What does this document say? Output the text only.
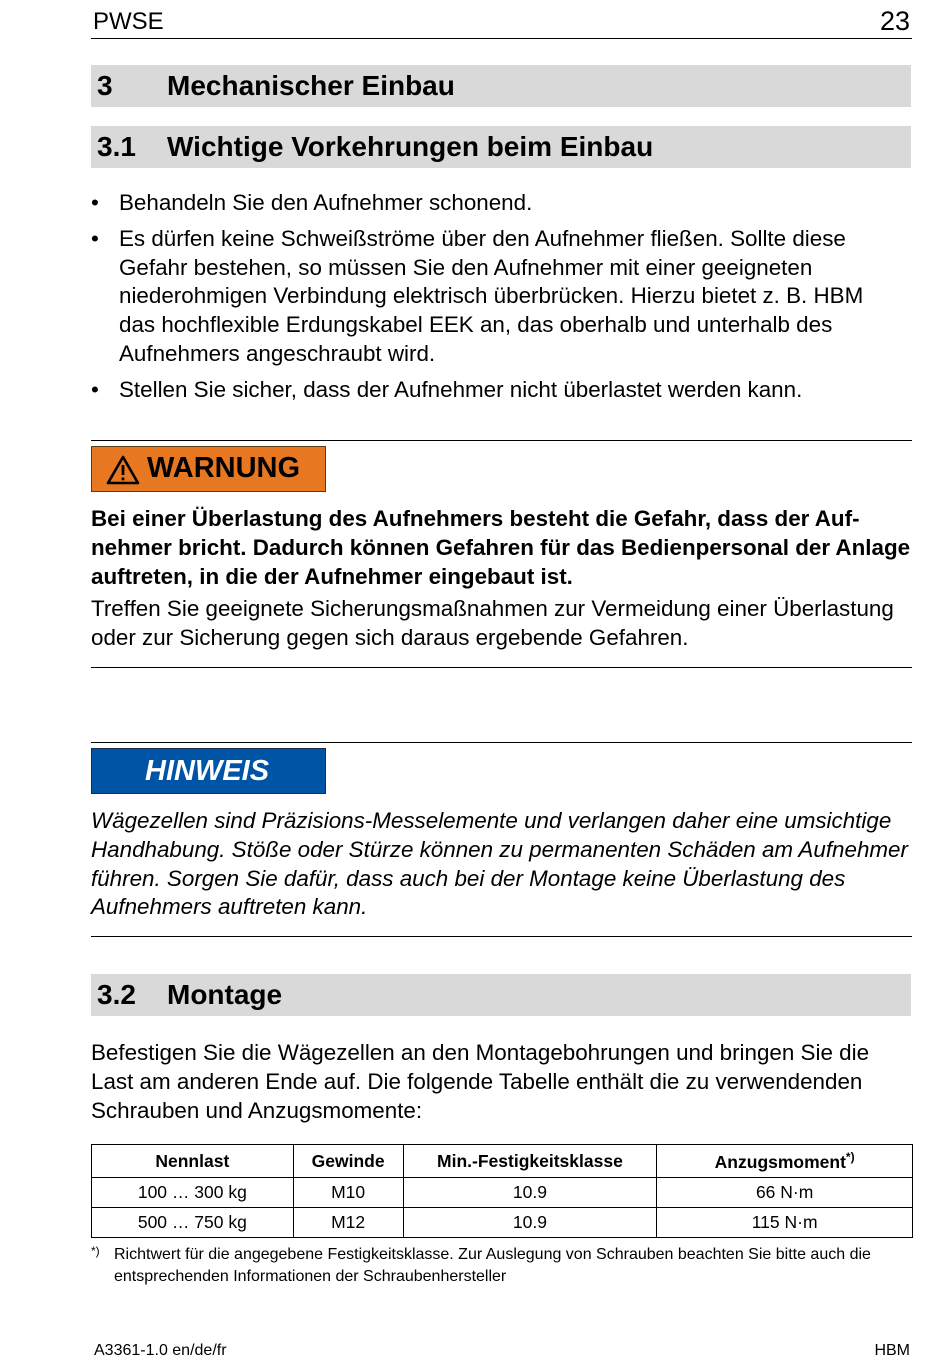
PWSE	23
3 Mechanischer Einbau
3.1 Wichtige Vorkehrungen beim Einbau
• Behandeln Sie den Aufnehmer schonend.
• Es dürfen keine Schweißströme über den Aufnehmer fließen. Sollte diese Gefahr bestehen, so müssen Sie den Aufnehmer mit einer geeigneten niederohmigen Verbindung elektrisch überbrücken. Hierzu bietet z. B. HBM das hochflexible Erdungskabel EEK an, das oberhalb und unterhalb des Aufnehmers angeschraubt wird.
• Stellen Sie sicher, dass der Aufnehmer nicht überlastet werden kann.
WARNUNG
Bei einer Überlastung des Aufnehmers besteht die Gefahr, dass der Aufnehmer bricht. Dadurch können Gefahren für das Bedienpersonal der Anlage auftreten, in die der Aufnehmer eingebaut ist.
Treffen Sie geeignete Sicherungsmaßnahmen zur Vermeidung einer Überlastung oder zur Sicherung gegen sich daraus ergebende Gefahren.
HINWEIS
Wägezellen sind Präzisions-Messelemente und verlangen daher eine umsichtige Handhabung. Stöße oder Stürze können zu permanenten Schäden am Aufnehmer führen. Sorgen Sie dafür, dass auch bei der Montage keine Überlastung des Aufnehmers auftreten kann.
3.2 Montage
Befestigen Sie die Wägezellen an den Montagebohrungen und bringen Sie die Last am anderen Ende auf. Die folgende Tabelle enthält die zu verwendenden Schrauben und Anzugsmomente:
Nennlast	Gewinde	Min.-Festigkeitsklasse	Anzugsmoment*)
100 … 300 kg	M10	10.9	66 N·m
500 … 750 kg	M12	10.9	115 N·m
*) Richtwert für die angegebene Festigkeitsklasse. Zur Auslegung von Schrauben beachten Sie bitte auch die entsprechenden Informationen der Schraubenhersteller
A3361-1.0 en/de/fr	HBM
